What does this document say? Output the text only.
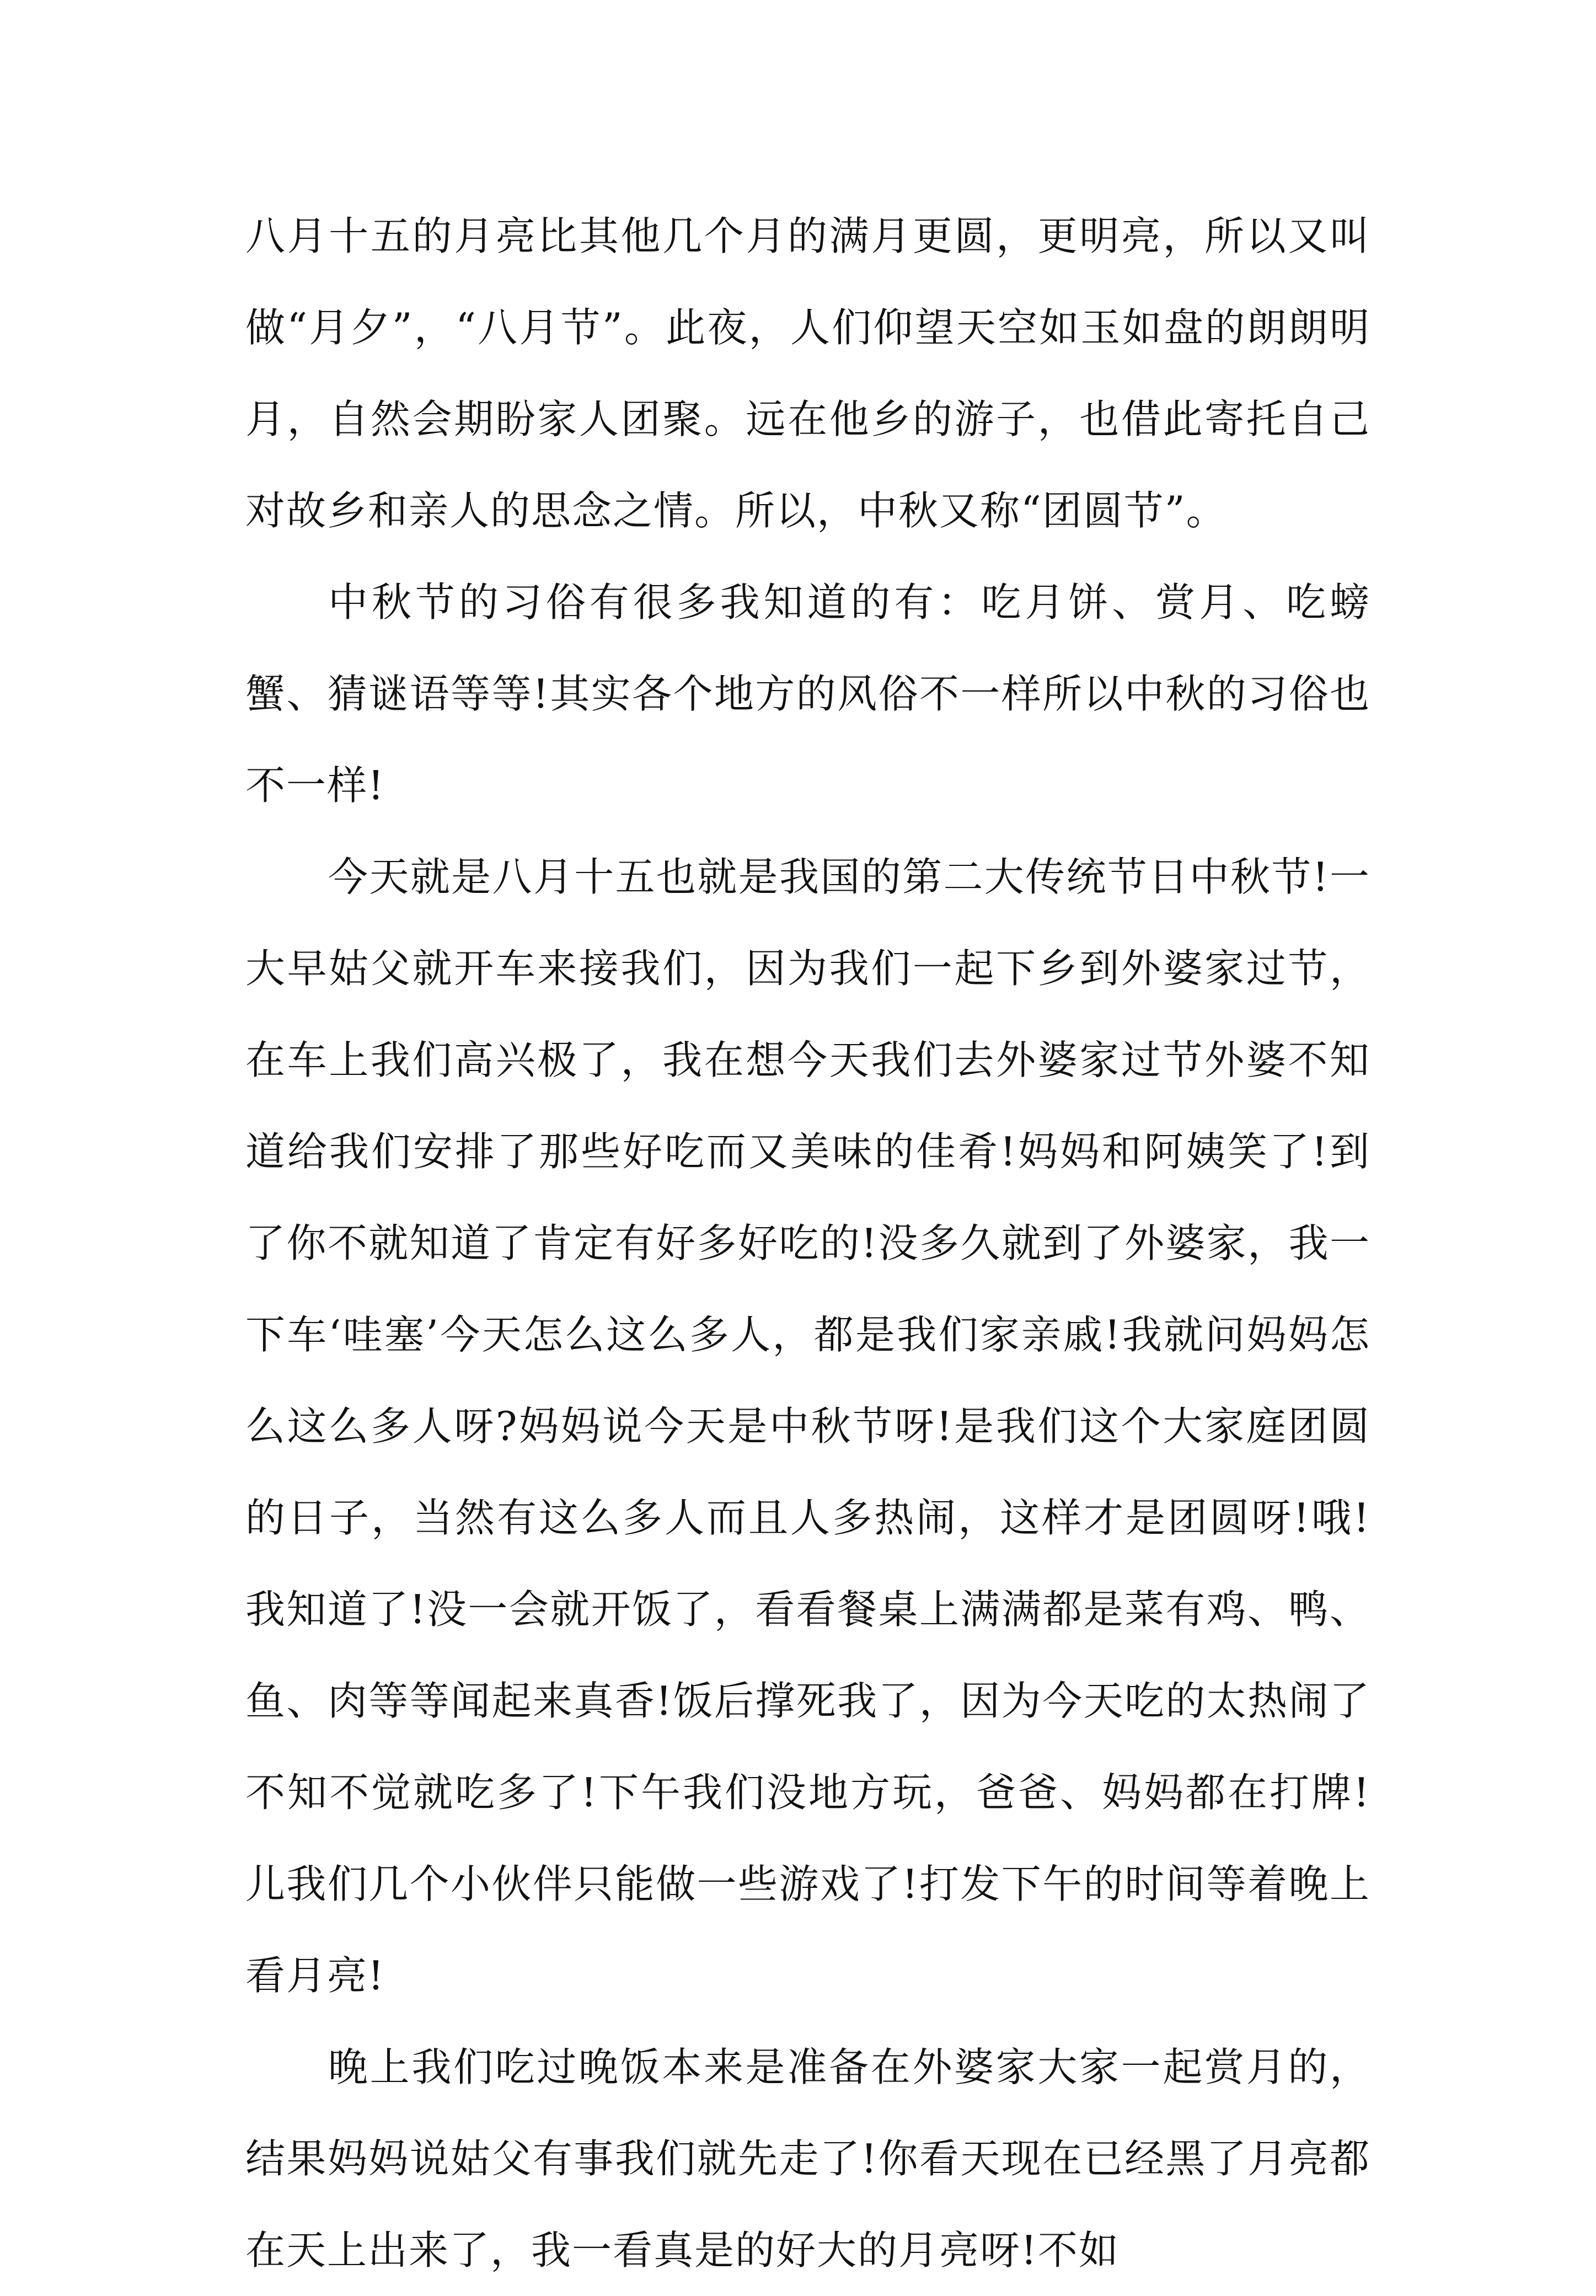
八月十五的月亮比其他几个月的满月更圆，更明亮，所以又叫做“月夕”，“八月节”。此夜，人们仰望天空如玉如盘的朗朗明月，自然会期盼家人团聚。远在他乡的游子，也借此寄托自己对故乡和亲人的思念之情。所以，中秋又称“团圆节”。

中秋节的习俗有很多我知道的有：吃月饼、赏月、吃螃蟹、猜谜语等等!其实各个地方的风俗不一样所以中秋的习俗也不一样!

今天就是八月十五也就是我国的第二大传统节日中秋节!一大早姑父就开车来接我们，因为我们一起下乡到外婆家过节，在车上我们高兴极了，我在想今天我们去外婆家过节外婆不知道给我们安排了那些好吃而又美味的佳肴!妈妈和阿姨笑了!到了你不就知道了肯定有好多好吃的!没多久就到了外婆家，我一下车‘哇塞’今天怎么这么多人，都是我们家亲戚!我就问妈妈怎么这么多人呀?妈妈说今天是中秋节呀!是我们这个大家庭团圆的日子，当然有这么多人而且人多热闹，这样才是团圆呀!哦!我知道了!没一会就开饭了，看看餐桌上满满都是菜有鸡、鸭、鱼、肉等等闻起来真香!饭后撑死我了，因为今天吃的太热闹了不知不觉就吃多了!下午我们没地方玩，爸爸、妈妈都在打牌!儿我们几个小伙伴只能做一些游戏了!打发下午的时间等着晚上看月亮!

晚上我们吃过晚饭本来是准备在外婆家大家一起赏月的，结果妈妈说姑父有事我们就先走了!你看天现在已经黑了月亮都在天上出来了，我一看真是的好大的月亮呀!不如
